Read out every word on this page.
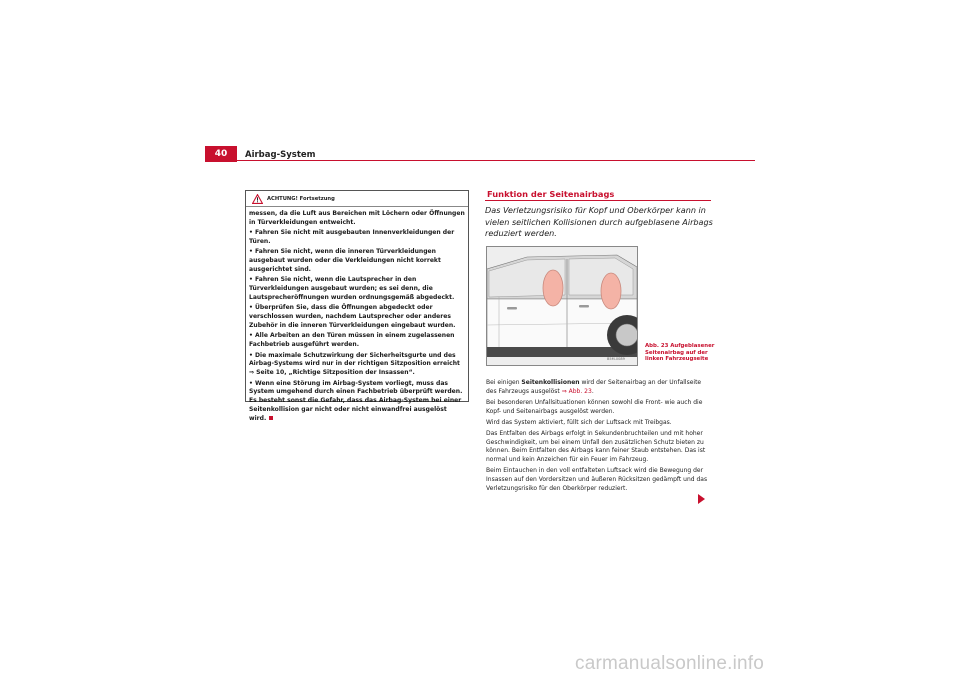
40	Airbag-System
ACHTUNG! Fortsetzung

messen, da die Luft aus Bereichen mit Löchern oder Öffnungen in Türverkleidungen entweicht.

• Fahren Sie nicht mit ausgebauten Innenverkleidungen der Türen.

• Fahren Sie nicht, wenn die inneren Türverkleidungen ausgebaut wurden oder die Verkleidungen nicht korrekt ausgerichtet sind.

• Fahren Sie nicht, wenn die Lautsprecher in den Türverkleidungen ausgebaut wurden; es sei denn, die Lautsprecheröffnungen wurden ordnungsgemäß abgedeckt.

• Überprüfen Sie, dass die Öffnungen abgedeckt oder verschlossen wurden, nachdem Lautsprecher oder anderes Zubehör in die inneren Türverkleidungen eingebaut wurden.

• Alle Arbeiten an den Türen müssen in einem zugelassenen Fachbetrieb ausgeführt werden.

• Die maximale Schutzwirkung der Sicherheitsgurte und des Airbag-Systems wird nur in der richtigen Sitzposition erreicht ⇒ Seite 10, „Richtige Sitzposition der Insassen“.

• Wenn eine Störung im Airbag-System vorliegt, muss das System umgehend durch einen Fachbetrieb überprüft werden. Es besteht sonst die Gefahr, dass das Airbag-System bei einer Seitenkollision gar nicht oder nicht einwandfrei ausgelöst wird.

Funktion der Seitenairbags
Das Verletzungsrisiko für Kopf und Oberkörper kann in vielen seitlichen Kollisionen durch aufgeblasene Airbags reduziert werden.
B5M-0089
Abb. 23 Aufgeblasener Seitenairbag auf der linken Fahrzeugseite

Bei einigen Seitenkollisionen wird der Seitenairbag an der Unfallseite des Fahrzeugs ausgelöst ⇒ Abb. 23.

Bei besonderen Unfallsituationen können sowohl die Front- wie auch die Kopf- und Seitenairbags ausgelöst werden.

Wird das System aktiviert, füllt sich der Luftsack mit Treibgas.

Das Entfalten des Airbags erfolgt in Sekundenbruchteilen und mit hoher Geschwindigkeit, um bei einem Unfall den zusätzlichen Schutz bieten zu können. Beim Entfalten des Airbags kann feiner Staub entstehen. Das ist normal und kein Anzeichen für ein Feuer im Fahrzeug.

Beim Eintauchen in den voll entfalteten Luftsack wird die Bewegung der Insassen auf den Vordersitzen und äußeren Rücksitzen gedämpft und das Verletzungsrisiko für den Oberkörper reduziert.

carmanualsonline.info
